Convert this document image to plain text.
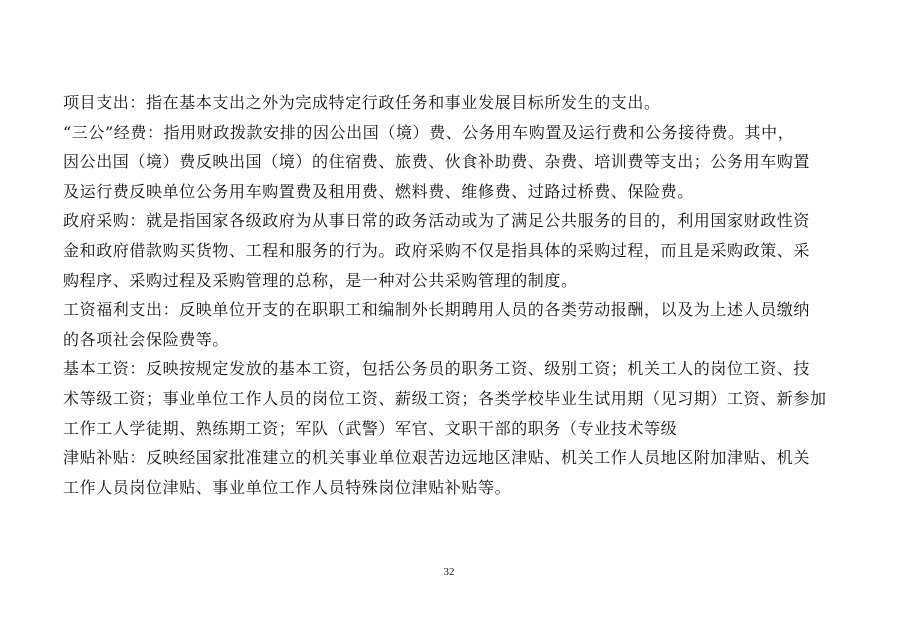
项目支出：指在基本支出之外为完成特定行政任务和事业发展目标所发生的支出。
“三公”经费：指用财政拨款安排的因公出国（境）费、公务用车购置及运行费和公务接待费。其中，
因公出国（境）费反映出国（境）的住宿费、旅费、伙食补助费、杂费、培训费等支出；公务用车购置
及运行费反映单位公务用车购置费及租用费、燃料费、维修费、过路过桥费、保险费。
政府采购：就是指国家各级政府为从事日常的政务活动或为了满足公共服务的目的，利用国家财政性资
金和政府借款购买货物、工程和服务的行为。政府采购不仅是指具体的采购过程，而且是采购政策、采
购程序、采购过程及采购管理的总称，是一种对公共采购管理的制度。
工资福利支出：反映单位开支的在职职工和编制外长期聘用人员的各类劳动报酬，以及为上述人员缴纳
的各项社会保险费等。
基本工资：反映按规定发放的基本工资，包括公务员的职务工资、级别工资；机关工人的岗位工资、技
术等级工资；事业单位工作人员的岗位工资、薪级工资；各类学校毕业生试用期（见习期）工资、新参加
工作工人学徒期、熟练期工资；军队（武警）军官、文职干部的职务（专业技术等级
津贴补贴：反映经国家批准建立的机关事业单位艰苦边远地区津贴、机关工作人员地区附加津贴、机关
工作人员岗位津贴、事业单位工作人员特殊岗位津贴补贴等。
32
